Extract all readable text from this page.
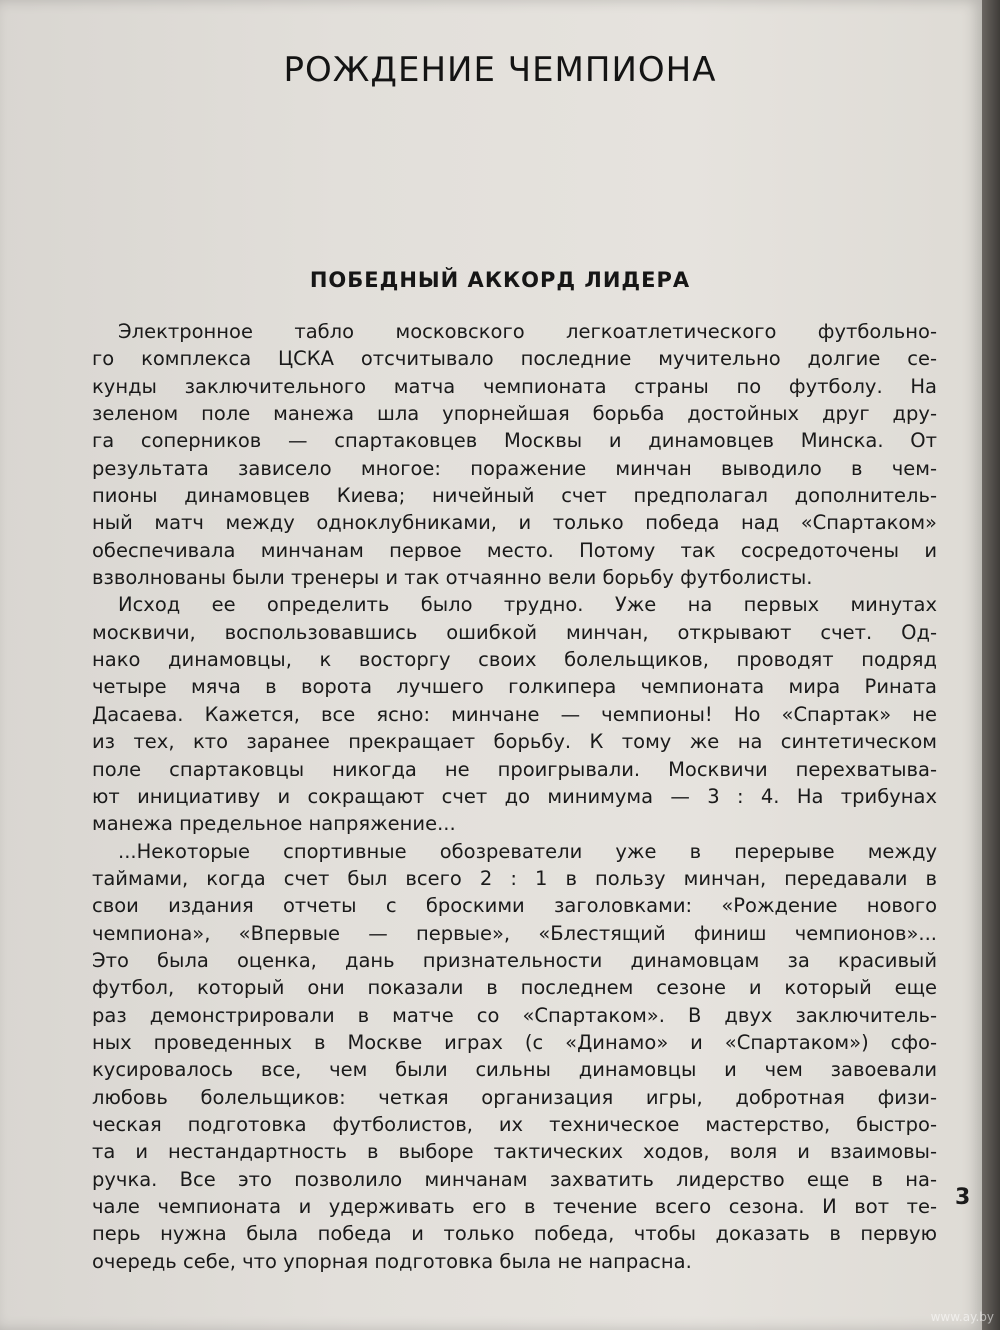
РОЖДЕНИЕ ЧЕМПИОНА
ПОБЕДНЫЙ АККОРД ЛИДЕРА
Электронное табло московского легкоатлетического футбольно-
го комплекса ЦСКА отсчитывало последние мучительно долгие се-
кунды заключительного матча чемпионата страны по футболу. На
зеленом поле манежа шла упорнейшая борьба достойных друг дру-
га соперников — спартаковцев Москвы и динамовцев Минска. От
результата зависело многое: поражение минчан выводило в чем-
пионы динамовцев Киева; ничейный счет предполагал дополнитель-
ный матч между одноклубниками, и только победа над «Спартаком»
обеспечивала минчанам первое место. Потому так сосредоточены и
взволнованы были тренеры и так отчаянно вели борьбу футболисты.
Исход ее определить было трудно. Уже на первых минутах
москвичи, воспользовавшись ошибкой минчан, открывают счет. Од-
нако динамовцы, к восторгу своих болельщиков, проводят подряд
четыре мяча в ворота лучшего голкипера чемпионата мира Рината
Дасаева. Кажется, все ясно: минчане — чемпионы! Но «Спартак» не
из тех, кто заранее прекращает борьбу. К тому же на синтетическом
поле спартаковцы никогда не проигрывали. Москвичи перехватыва-
ют инициативу и сокращают счет до минимума — 3 : 4. На трибунах
манежа предельное напряжение...
...Некоторые спортивные обозреватели уже в перерыве между
таймами, когда счет был всего 2 : 1 в пользу минчан, передавали в
свои издания отчеты с броскими заголовками: «Рождение нового
чемпиона», «Впервые — первые», «Блестящий финиш чемпионов»...
Это была оценка, дань признательности динамовцам за красивый
футбол, который они показали в последнем сезоне и который еще
раз демонстрировали в матче со «Спартаком». В двух заключитель-
ных проведенных в Москве играх (с «Динамо» и «Спартаком») сфо-
кусировалось все, чем были сильны динамовцы и чем завоевали
любовь болельщиков: четкая организация игры, добротная физи-
ческая подготовка футболистов, их техническое мастерство, быстро-
та и нестандартность в выборе тактических ходов, воля и взаимовы-
ручка. Все это позволило минчанам захватить лидерство еще в на-
чале чемпионата и удерживать его в течение всего сезона. И вот те-
перь нужна была победа и только победа, чтобы доказать в первую
очередь себе, что упорная подготовка была не напрасна.
3
www.ay.by
